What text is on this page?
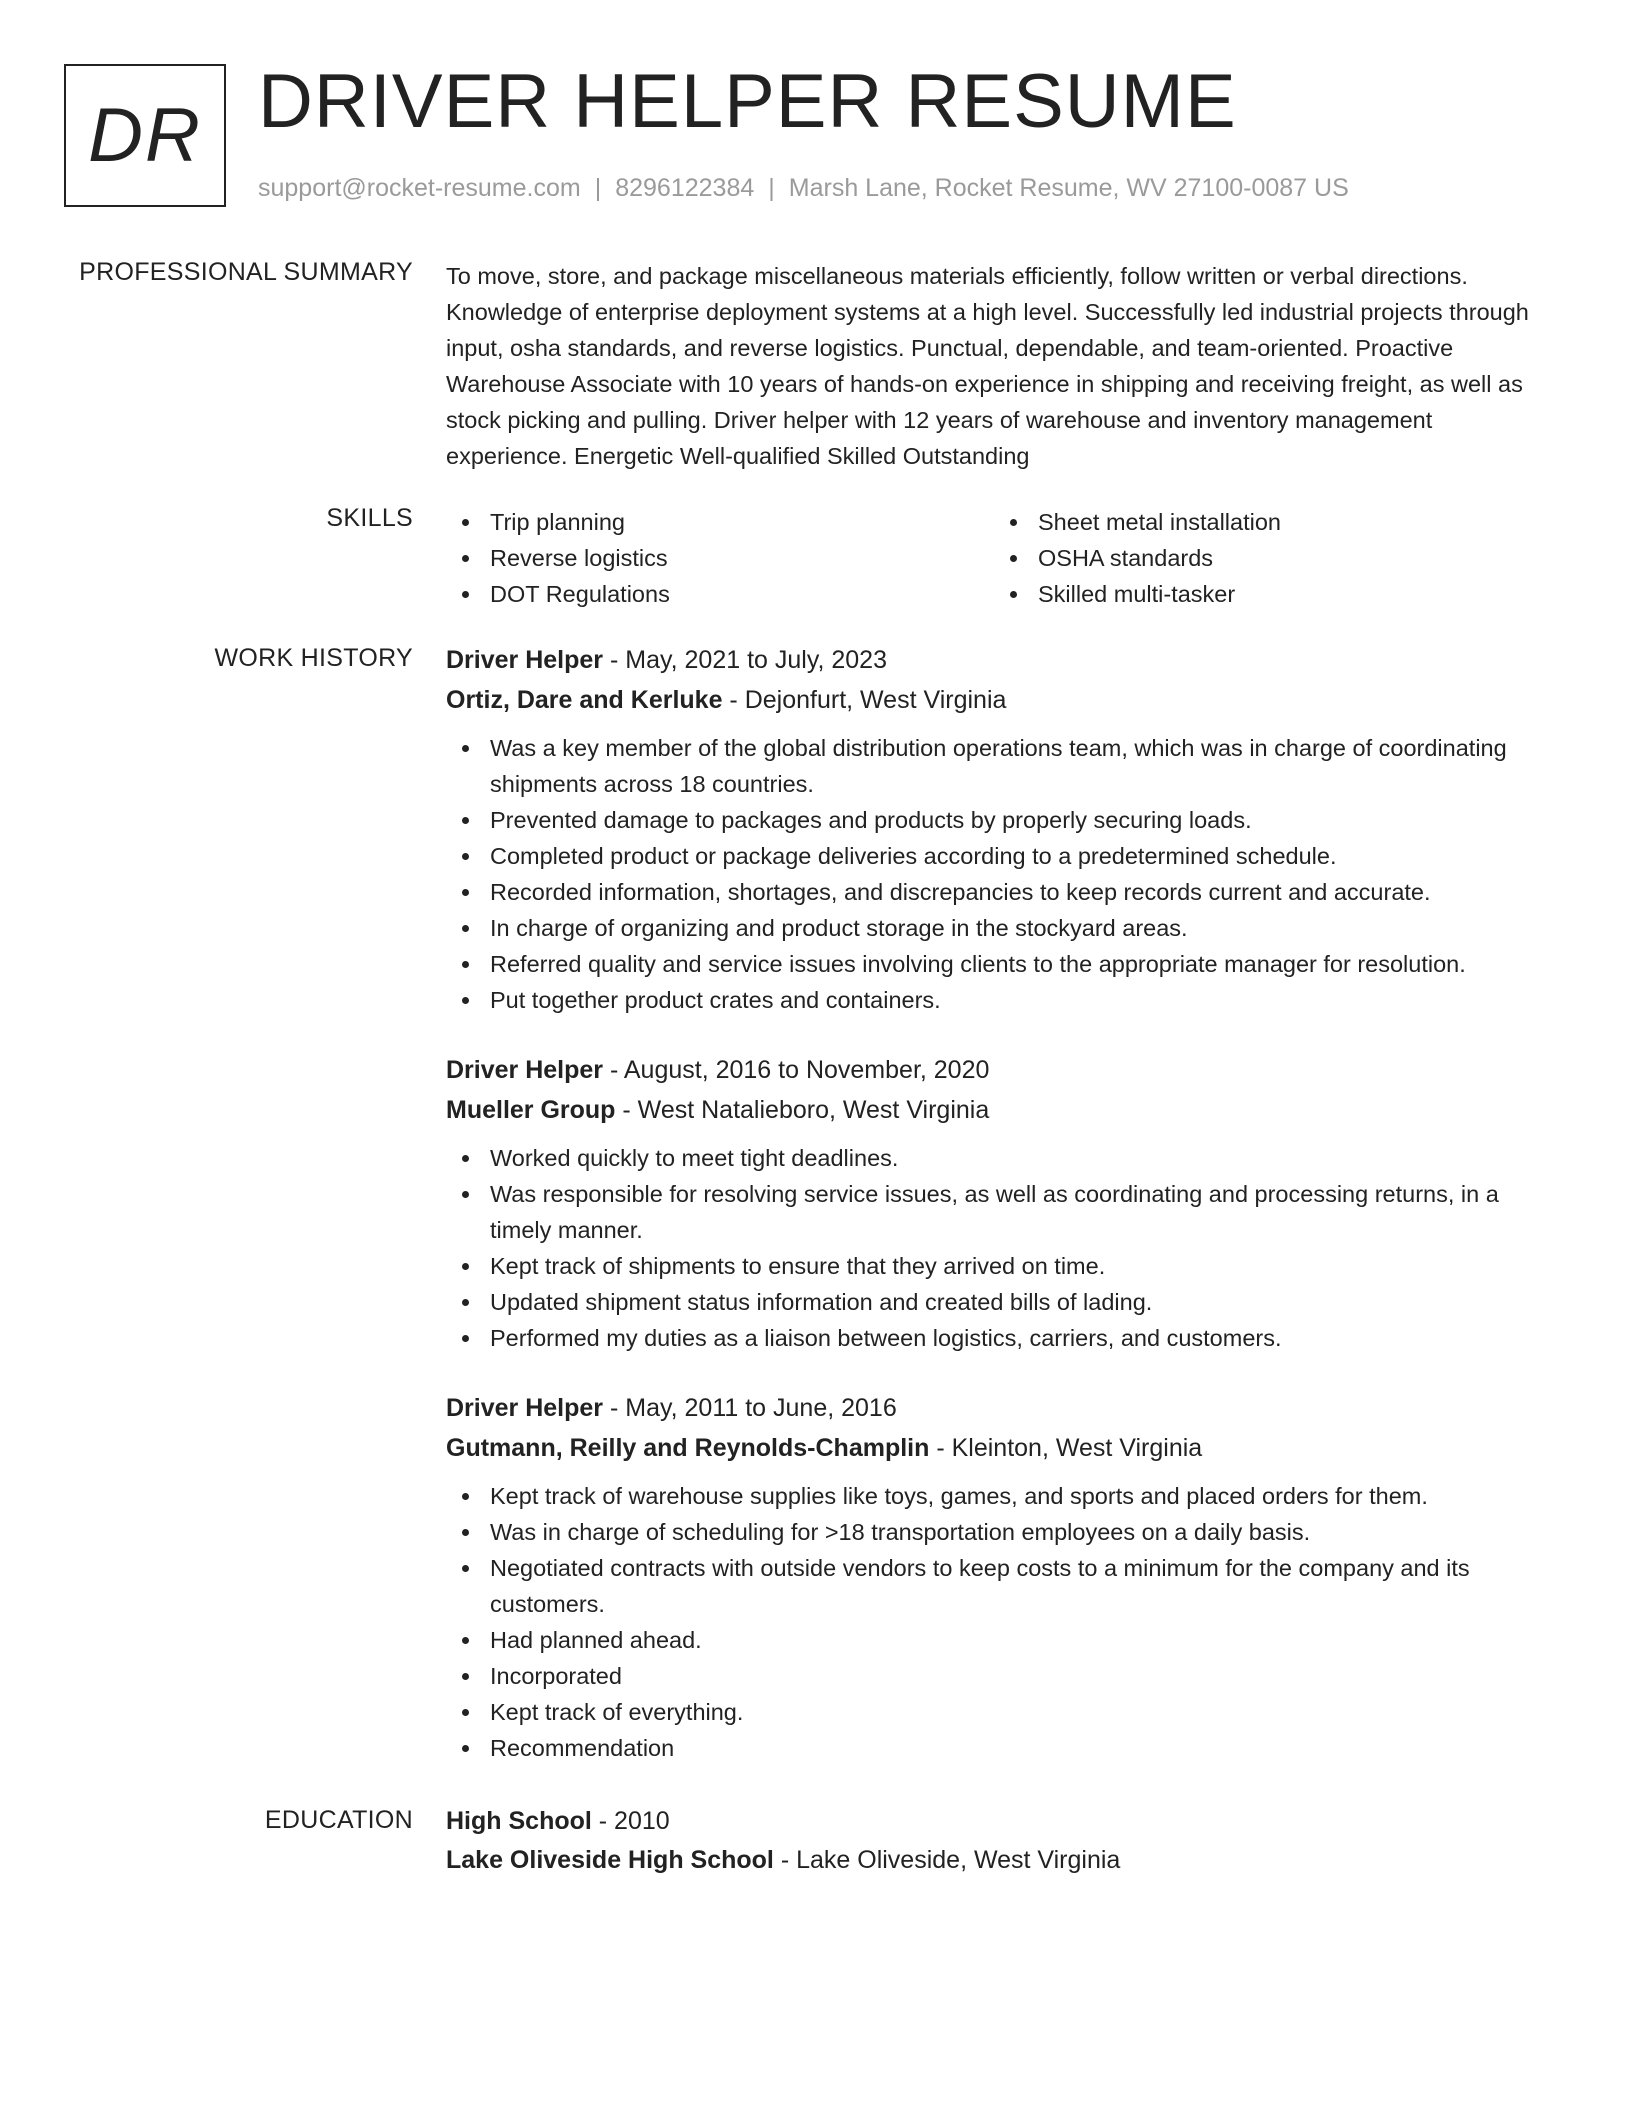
DR DRIVER HELPER RESUME
support@rocket-resume.com | 8296122384 | Marsh Lane, Rocket Resume, WV 27100-0087 US
PROFESSIONAL SUMMARY To move, store, and package miscellaneous materials efficiently, follow written or verbal directions. Knowledge of enterprise deployment systems at a high level. Successfully led industrial projects through input, osha standards, and reverse logistics. Punctual, dependable, and team-oriented. Proactive Warehouse Associate with 10 years of hands-on experience in shipping and receiving freight, as well as stock picking and pulling. Driver helper with 12 years of warehouse and inventory management experience. Energetic Well-qualified Skilled Outstanding
SKILLS	Trip planning
Reverse logistics
DOT Regulations
Sheet metal installation
OSHA standards
Skilled multi-tasker
WORK HISTORY Driver Helper - May, 2021 to July, 2023
Ortiz, Dare and Kerluke - Dejonfurt, West Virginia
Was a key member of the global distribution operations team, which was in charge of coordinating shipments across 18 countries.
Prevented damage to packages and products by properly securing loads.
Completed product or package deliveries according to a predetermined schedule.
Recorded information, shortages, and discrepancies to keep records current and accurate.
In charge of organizing and product storage in the stockyard areas.
Referred quality and service issues involving clients to the appropriate manager for resolution.
Put together product crates and containers.
Driver Helper - August, 2016 to November, 2020
Mueller Group - West Natalieboro, West Virginia
Worked quickly to meet tight deadlines.
Was responsible for resolving service issues, as well as coordinating and processing returns, in a timely manner.
Kept track of shipments to ensure that they arrived on time.
Updated shipment status information and created bills of lading.
Performed my duties as a liaison between logistics, carriers, and customers.
Driver Helper - May, 2011 to June, 2016
Gutmann, Reilly and Reynolds-Champlin - Kleinton, West Virginia
Kept track of warehouse supplies like toys, games, and sports and placed orders for them.
Was in charge of scheduling for >18 transportation employees on a daily basis.
Negotiated contracts with outside vendors to keep costs to a minimum for the company and its customers.
Had planned ahead.
Incorporated
Kept track of everything.
Recommendation
EDUCATION High School - 2010
Lake Oliveside High School - Lake Oliveside, West Virginia
